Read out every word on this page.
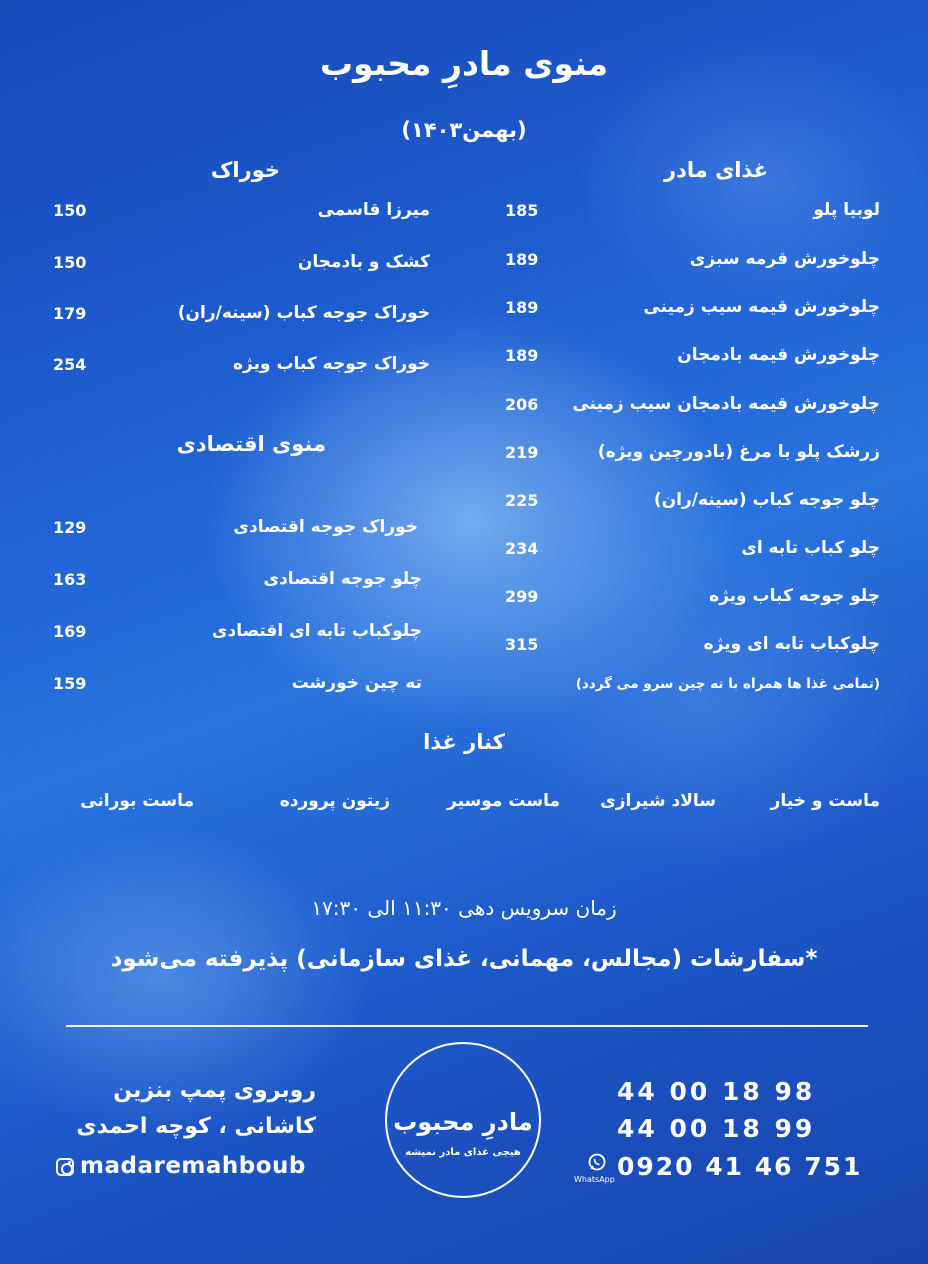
منوی مادرِ محبوب
(بهمن۱۴۰۳)
غذای مادر
لوبیا پلو
185
چلوخورش قرمه سبزی
189
چلوخورش قیمه سیب زمینی
189
چلوخورش قیمه بادمجان
189
چلوخورش قیمه بادمجان سیب زمینی
206
زرشک پلو با مرغ (بادورچین ویژه)
219
چلو جوجه کباب (سینه/ران)
225
چلو کباب تابه ای
234
چلو جوجه کباب ویژه
299
چلوکباب تابه ای ویژه
315
(تمامی غذا ها همراه با ته چین سرو می گردد)
خوراک
میرزا قاسمی
150
کشک و بادمجان
150
خوراک جوجه کباب (سینه/ران)
179
خوراک جوجه کباب ویژه
254
منوی اقتصادی
خوراک جوجه اقتصادی
129
چلو جوجه اقتصادی
163
چلوکباب تابه ای اقتصادی
169
ته چین خورشت
159
کنار غذا
ماست و خیار
سالاد شیرازی
ماست موسیر
زیتون پرورده
ماست بورانی
زمان سرویس دهی ۱۱:۳۰ الی ۱۷:۳۰
*سفارشات (مجالس، مهمانی، غذای سازمانی) پذیرفته می‌شود
روبروی پمپ بنزین
کاشانی ، کوچه احمدی
madaremahboub
مادرِ محبوب
هیچی غذای مادر نمیشه
44 00 18 98
44 00 18 99
WhatsApp 0920 41 46 751
